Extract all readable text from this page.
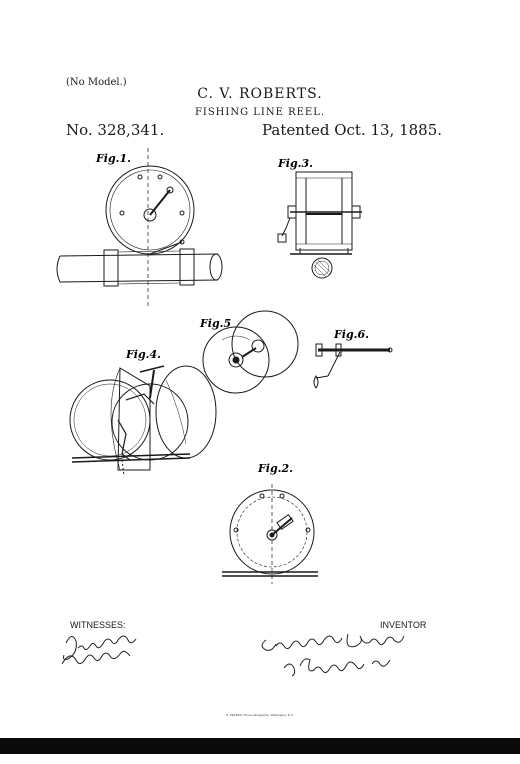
(No Model.)
C. V. ROBERTS.
FISHING LINE REEL.
No. 328,341.	Patented Oct. 13, 1885.
Fig.1.	Fig.3.
Fig.5
Fig.6.
Fig.4.
Fig.2.
WITNESSES:	INVENTOR
N. PETERS. Photo-Lithographer, Washington, D.C.
